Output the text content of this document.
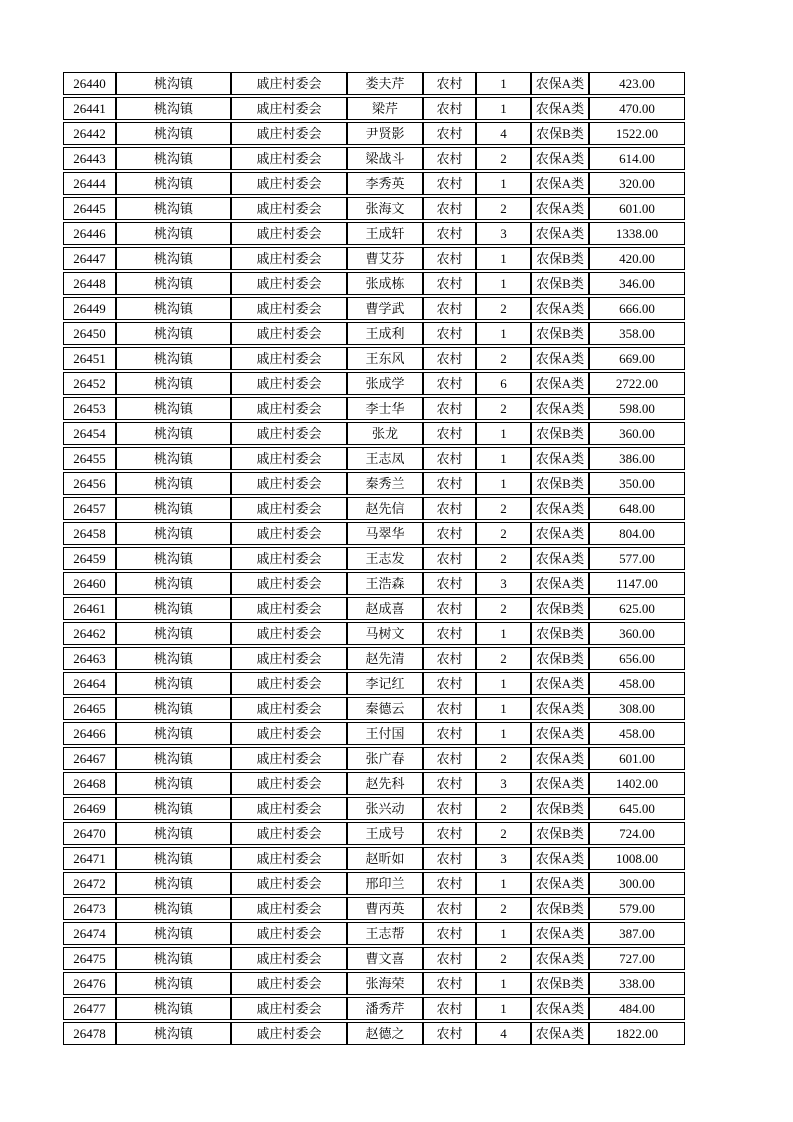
26440	桃沟镇	戚庄村委会	娄夫芹	农村	1	农保A类	423.00
26441	桃沟镇	戚庄村委会	梁芹	农村	1	农保A类	470.00
26442	桃沟镇	戚庄村委会	尹贤影	农村	4	农保B类	1522.00
26443	桃沟镇	戚庄村委会	梁战斗	农村	2	农保A类	614.00
26444	桃沟镇	戚庄村委会	李秀英	农村	1	农保A类	320.00
26445	桃沟镇	戚庄村委会	张海文	农村	2	农保A类	601.00
26446	桃沟镇	戚庄村委会	王成轩	农村	3	农保A类	1338.00
26447	桃沟镇	戚庄村委会	曹艾芬	农村	1	农保B类	420.00
26448	桃沟镇	戚庄村委会	张成栋	农村	1	农保B类	346.00
26449	桃沟镇	戚庄村委会	曹学武	农村	2	农保A类	666.00
26450	桃沟镇	戚庄村委会	王成利	农村	1	农保B类	358.00
26451	桃沟镇	戚庄村委会	王东风	农村	2	农保A类	669.00
26452	桃沟镇	戚庄村委会	张成学	农村	6	农保A类	2722.00
26453	桃沟镇	戚庄村委会	李士华	农村	2	农保A类	598.00
26454	桃沟镇	戚庄村委会	张龙	农村	1	农保B类	360.00
26455	桃沟镇	戚庄村委会	王志凤	农村	1	农保A类	386.00
26456	桃沟镇	戚庄村委会	秦秀兰	农村	1	农保B类	350.00
26457	桃沟镇	戚庄村委会	赵先信	农村	2	农保A类	648.00
26458	桃沟镇	戚庄村委会	马翠华	农村	2	农保A类	804.00
26459	桃沟镇	戚庄村委会	王志发	农村	2	农保A类	577.00
26460	桃沟镇	戚庄村委会	王浩森	农村	3	农保A类	1147.00
26461	桃沟镇	戚庄村委会	赵成喜	农村	2	农保B类	625.00
26462	桃沟镇	戚庄村委会	马树文	农村	1	农保B类	360.00
26463	桃沟镇	戚庄村委会	赵先清	农村	2	农保B类	656.00
26464	桃沟镇	戚庄村委会	李记红	农村	1	农保A类	458.00
26465	桃沟镇	戚庄村委会	秦德云	农村	1	农保A类	308.00
26466	桃沟镇	戚庄村委会	王付国	农村	1	农保A类	458.00
26467	桃沟镇	戚庄村委会	张广春	农村	2	农保A类	601.00
26468	桃沟镇	戚庄村委会	赵先科	农村	3	农保A类	1402.00
26469	桃沟镇	戚庄村委会	张兴动	农村	2	农保B类	645.00
26470	桃沟镇	戚庄村委会	王成号	农村	2	农保B类	724.00
26471	桃沟镇	戚庄村委会	赵昕如	农村	3	农保A类	1008.00
26472	桃沟镇	戚庄村委会	邢印兰	农村	1	农保A类	300.00
26473	桃沟镇	戚庄村委会	曹丙英	农村	2	农保B类	579.00
26474	桃沟镇	戚庄村委会	王志帮	农村	1	农保A类	387.00
26475	桃沟镇	戚庄村委会	曹文喜	农村	2	农保A类	727.00
26476	桃沟镇	戚庄村委会	张海荣	农村	1	农保B类	338.00
26477	桃沟镇	戚庄村委会	潘秀芹	农村	1	农保A类	484.00
26478	桃沟镇	戚庄村委会	赵德之	农村	4	农保A类	1822.00
